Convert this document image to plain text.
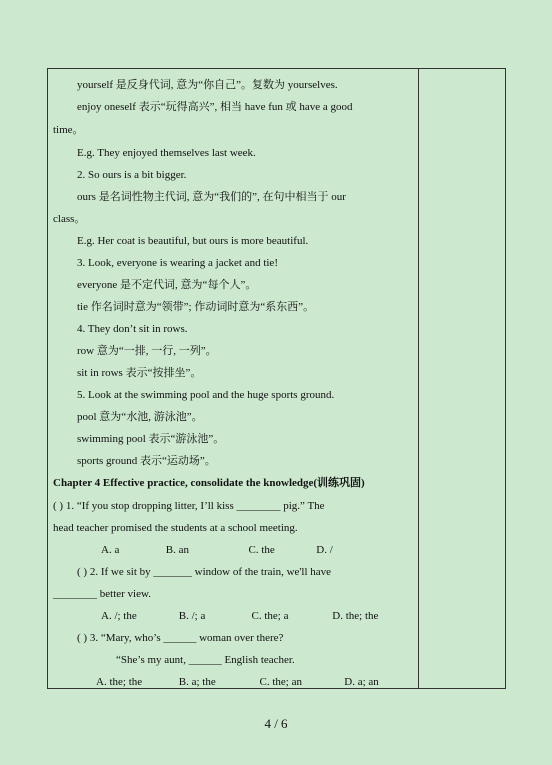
yourself 是反身代词, 意为“你自己”。复数为 yourselves.
enjoy oneself 表示“玩得高兴”, 相当 have fun 或 have a good
time。
E.g. They enjoyed themselves last week.
2. So ours is a bit bigger.
ours 是名词性物主代词, 意为“我们的”, 在句中相当于 our
class。
E.g. Her coat is beautiful, but ours is more beautiful.
3. Look, everyone is wearing a jacket and tie!
everyone 是不定代词, 意为“每个人”。
tie 作名词时意为“领带”; 作动词时意为“系东西”。
4. They don’t sit in rows.
row 意为“一排, 一行, 一列”。
sit in rows 表示“按排坐”。
5. Look at the swimming pool and the huge sports ground.
pool 意为“水池, 游泳池”。
swimming pool 表示“游泳池”。
sports ground 表示“运动场”。
Chapter 4 Effective practice, consolidate the knowledge(训练巩固)
( ) 1. “If you stop dropping litter, I’ll kiss ________ pig.” The
head teacher promised the students at a school meeting.
A. a	B. an	C. the	D. /
( ) 2. If we sit by _______ window of the train, we'll have
________ better view.
A. /; the	B. /; a	C. the; a	D. the; the
( ) 3. “Mary, who’s ______ woman over there?
“She’s my aunt, ______ English teacher.
A. the; the	B. a; the	C. the; an	D. a; an
4 / 6
